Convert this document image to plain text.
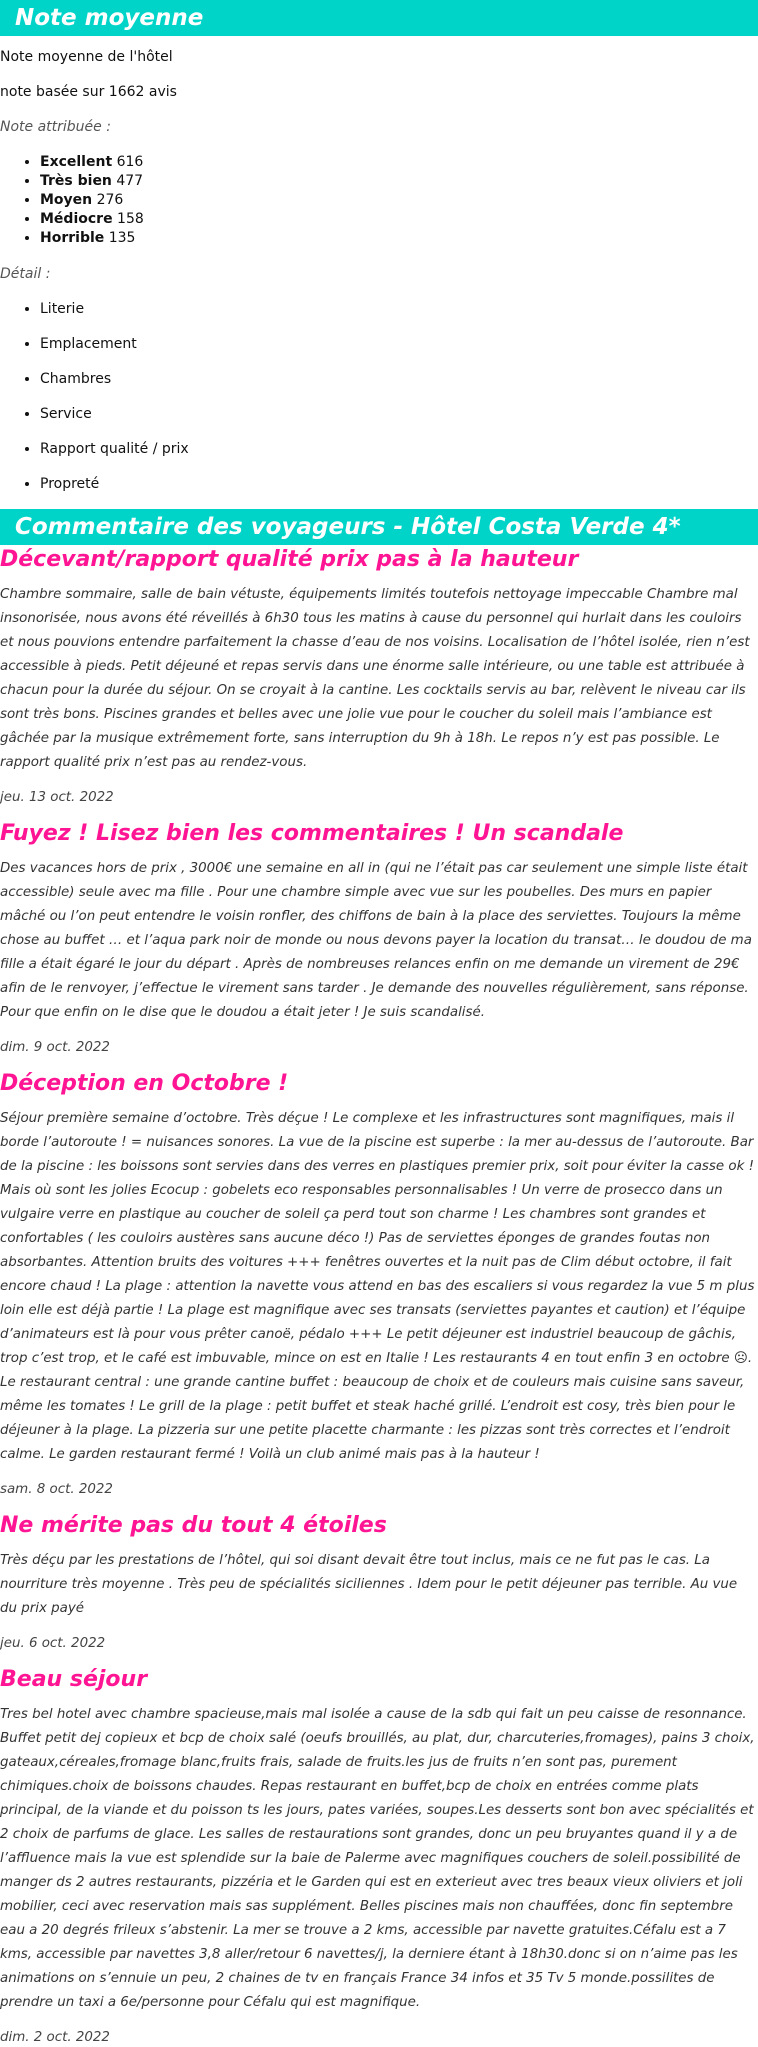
Note moyenne

Note moyenne de l'hôtel

note basée sur 1662 avis

Note attribuée :

• Excellent 616
• Très bien 477
• Moyen 276
• Médiocre 158
• Horrible 135

Détail :

• Literie
• Emplacement
• Chambres
• Service
• Rapport qualité / prix
• Propreté
Commentaire des voyageurs - Hôtel Costa Verde 4*
Décevant/rapport qualité prix pas à la hauteur

Chambre sommaire, salle de bain vétuste, équipements limités toutefois nettoyage impeccable Chambre mal insonorisée, nous avons été réveillés à 6h30 tous les matins à cause du personnel qui hurlait dans les couloirs et nous pouvions entendre parfaitement la chasse d’eau de nos voisins. Localisation de l’hôtel isolée, rien n’est accessible à pieds. Petit déjeuné et repas servis dans une énorme salle intérieure, ou une table est attribuée à chacun pour la durée du séjour. On se croyait à la cantine. Les cocktails servis au bar, relèvent le niveau car ils sont très bons. Piscines grandes et belles avec une jolie vue pour le coucher du soleil mais l’ambiance est gâchée par la musique extrêmement forte, sans interruption du 9h à 18h. Le repos n’y est pas possible. Le rapport qualité prix n’est pas au rendez-vous.

jeu. 13 oct. 2022

Fuyez ! Lisez bien les commentaires ! Un scandale

Des vacances hors de prix , 3000€ une semaine en all in (qui ne l’était pas car seulement une simple liste était accessible) seule avec ma fille . Pour une chambre simple avec vue sur les poubelles. Des murs en papier mâché ou l’on peut entendre le voisin ronfler, des chiffons de bain à la place des serviettes. Toujours la même chose au buffet … et l’aqua park noir de monde ou nous devons payer la location du transat… le doudou de ma fille a était égaré le jour du départ . Après de nombreuses relances enfin on me demande un virement de 29€ afin de le renvoyer, j’effectue le virement sans tarder . Je demande des nouvelles régulièrement, sans réponse. Pour que enfin on le dise que le doudou a était jeter ! Je suis scandalisé.

dim. 9 oct. 2022

Déception en Octobre !

Séjour première semaine d’octobre. Très déçue ! Le complexe et les infrastructures sont magnifiques, mais il borde l’autoroute ! = nuisances sonores. La vue de la piscine est superbe : la mer au-dessus de l’autoroute. Bar de la piscine : les boissons sont servies dans des verres en plastiques premier prix, soit pour éviter la casse ok ! Mais où sont les jolies Ecocup : gobelets eco responsables personnalisables ! Un verre de prosecco dans un vulgaire verre en plastique au coucher de soleil ça perd tout son charme ! Les chambres sont grandes et confortables ( les couloirs austères sans aucune déco !) Pas de serviettes éponges de grandes foutas non absorbantes. Attention bruits des voitures +++ fenêtres ouvertes et la nuit pas de Clim début octobre, il fait encore chaud ! La plage : attention la navette vous attend en bas des escaliers si vous regardez la vue 5 m plus loin elle est déjà partie ! La plage est magnifique avec ses transats (serviettes payantes et caution) et l’équipe d’animateurs est là pour vous prêter canoë, pédalo +++ Le petit déjeuner est industriel beaucoup de gâchis, trop c’est trop, et le café est imbuvable, mince on est en Italie ! Les restaurants 4 en tout enfin 3 en octobre ☹. Le restaurant central : une grande cantine buffet : beaucoup de choix et de couleurs mais cuisine sans saveur, même les tomates ! Le grill de la plage : petit buffet et steak haché grillé. L’endroit est cosy, très bien pour le déjeuner à la plage. La pizzeria sur une petite placette charmante : les pizzas sont très correctes et l’endroit calme. Le garden restaurant fermé ! Voilà un club animé mais pas à la hauteur !

sam. 8 oct. 2022

Ne mérite pas du tout 4 étoiles

Très déçu par les prestations de l’hôtel, qui soi disant devait être tout inclus, mais ce ne fut pas le cas. La nourriture très moyenne . Très peu de spécialités siciliennes . Idem pour le petit déjeuner pas terrible. Au vue du prix payé

jeu. 6 oct. 2022

Beau séjour

Tres bel hotel avec chambre spacieuse,mais mal isolée a cause de la sdb qui fait un peu caisse de resonnance. Buffet petit dej copieux et bcp de choix salé (oeufs brouillés, au plat, dur, charcuteries,fromages), pains 3 choix, gateaux,céreales,fromage blanc,fruits frais, salade de fruits.les jus de fruits n’en sont pas, purement chimiques.choix de boissons chaudes. Repas restaurant en buffet,bcp de choix en entrées comme plats principal, de la viande et du poisson ts les jours, pates variées, soupes.Les desserts sont bon avec spécialités et 2 choix de parfums de glace. Les salles de restaurations sont grandes, donc un peu bruyantes quand il y a de l’affluence mais la vue est splendide sur la baie de Palerme avec magnifiques couchers de soleil.possibilité de manger ds 2 autres restaurants, pizzéria et le Garden qui est en exterieut avec tres beaux vieux oliviers et joli mobilier, ceci avec reservation mais sas supplément. Belles piscines mais non chauffées, donc fin septembre eau a 20 degrés frileux s’abstenir. La mer se trouve a 2 kms, accessible par navette gratuites.Céfalu est a 7 kms, accessible par navettes 3,8 aller/retour 6 navettes/j, la derniere étant à 18h30.donc si on n’aime pas les animations on s’ennuie un peu, 2 chaines de tv en français France 34 infos et 35 Tv 5 monde.possilites de prendre un taxi a 6e/personne pour Céfalu qui est magnifique.

dim. 2 oct. 2022
